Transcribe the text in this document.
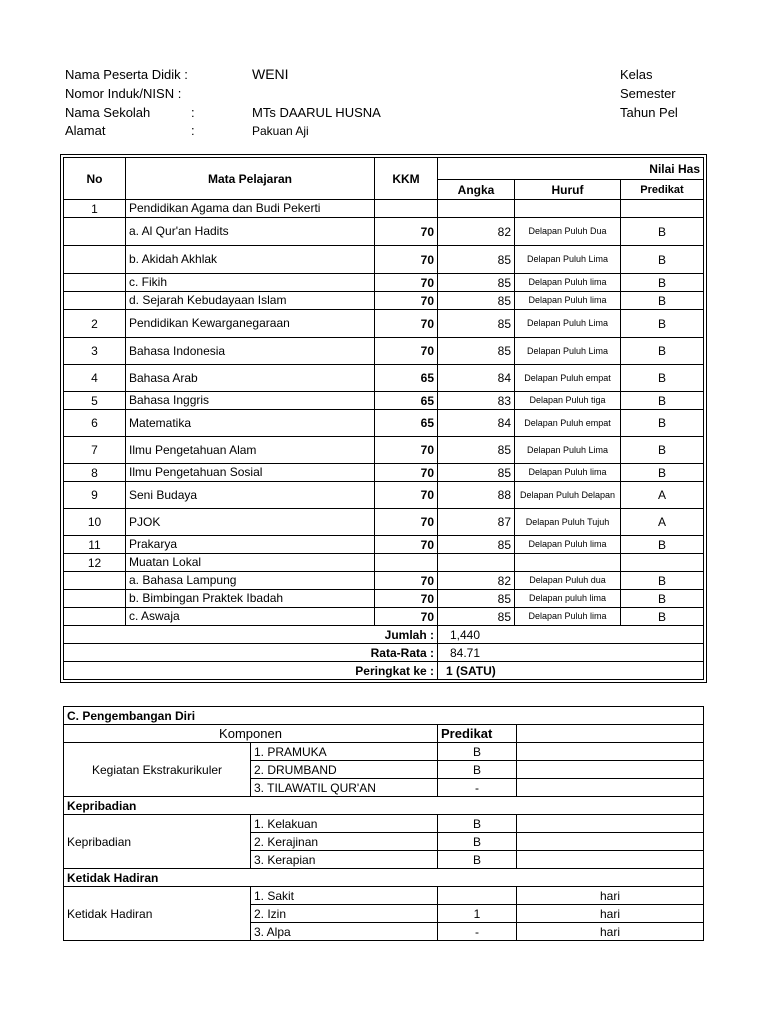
Nama Peserta Didik :	WENI
Nomor Induk/NISN :
Nama Sekolah	:	MTs DAARUL HUSNA
Alamat	:	Pakuan Aji
Kelas
Semester
Tahun Pel
No	Mata Pelajaran	KKM	Nilai Has		
			Angka	Huruf	Predikat
1	Pendidikan Agama dan Budi Pekerti				
	a. Al Qur'an Hadits	70	82	Delapan Puluh Dua	B
	b. Akidah Akhlak	70	85	Delapan Puluh Lima	B
	c. Fikih	70	85	Delapan Puluh lima	B
	d. Sejarah Kebudayaan Islam	70	85	Delapan Puluh lima	B
2	Pendidikan Kewarganegaraan	70	85	Delapan Puluh Lima	B
3	Bahasa Indonesia	70	85	Delapan Puluh Lima	B
4	Bahasa Arab	65	84	Delapan Puluh empat	B
5	Bahasa Inggris	65	83	Delapan Puluh tiga	B
6	Matematika	65	84	Delapan Puluh empat	B
7	Ilmu Pengetahuan Alam	70	85	Delapan Puluh Lima	B
8	Ilmu Pengetahuan Sosial	70	85	Delapan Puluh lima	B
9	Seni Budaya	70	88	Delapan Puluh Delapan	A
10	PJOK	70	87	Delapan Puluh Tujuh	A
11	Prakarya	70	85	Delapan Puluh lima	B
12	Muatan Lokal				
	a. Bahasa Lampung	70	82	Delapan Puluh dua	B
	b. Bimbingan Praktek Ibadah	70	85	Delapan puluh lima	B
	c. Aswaja	70	85	Delapan Puluh lima	B
Jumlah :			1,440		
Rata-Rata :			84.71		
Peringkat ke :			1 (SATU)		
C. Pengembangan Diri			
Komponen		Predikat	
Kegiatan Ekstrakurikuler	1. PRAMUKA	B	
	2. DRUMBAND	B	
	3. TILAWATIL QUR'AN	-	
Kepribadian			
Kepribadian	1. Kelakuan	B	
	2. Kerajinan	B	
	3. Kerapian	B	
Ketidak Hadiran			
Ketidak Hadiran	1. Sakit		hari
	2. Izin	1	hari
	3. Alpa	-	hari
